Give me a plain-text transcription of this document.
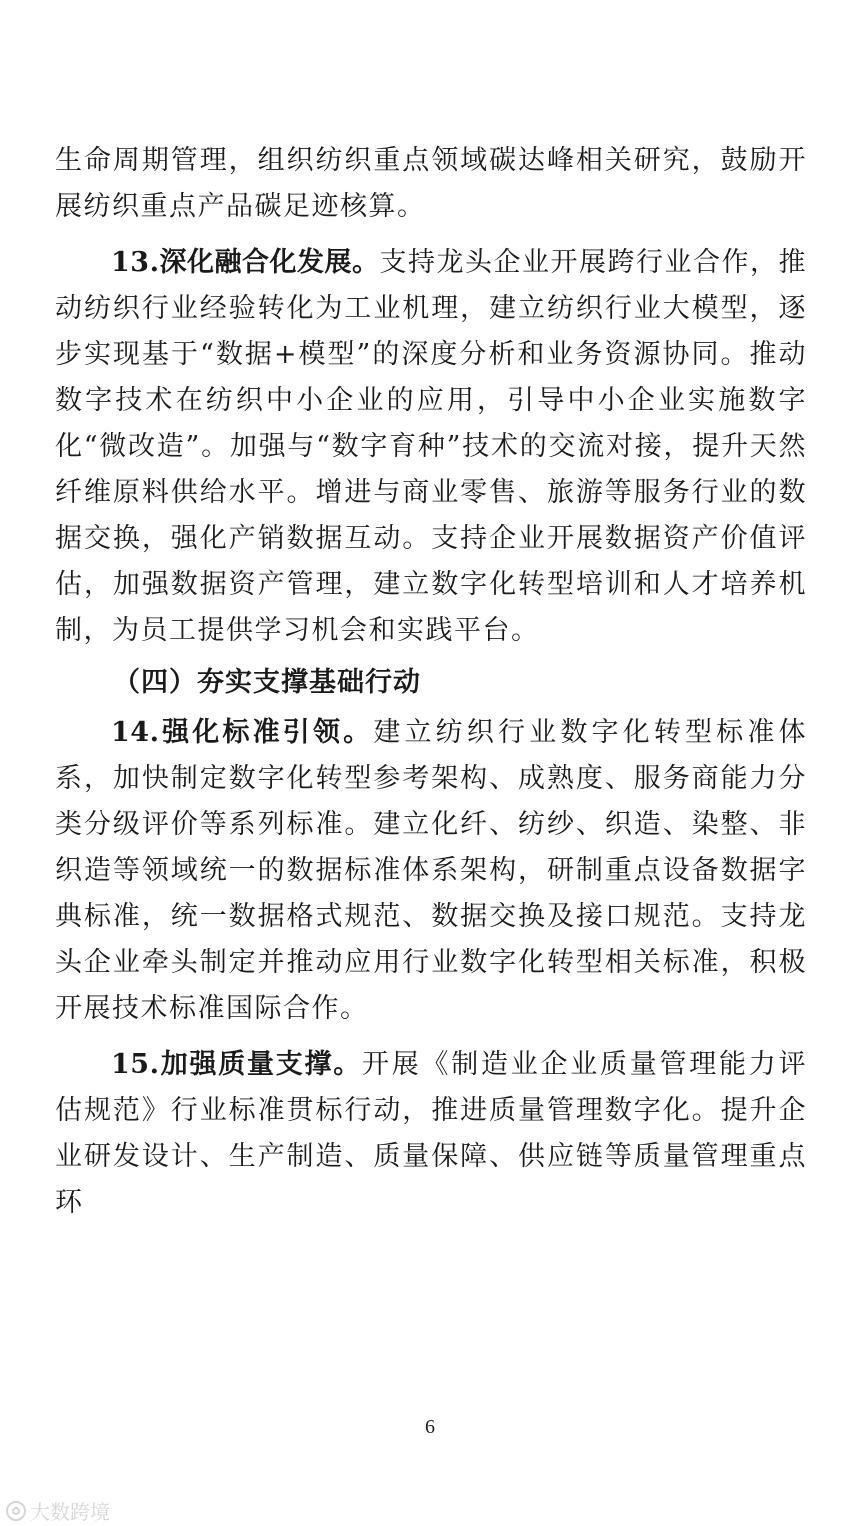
生命周期管理，组织纺织重点领域碳达峰相关研究，鼓励开展纺织重点产品碳足迹核算。

13.深化融合化发展。支持龙头企业开展跨行业合作，推动纺织行业经验转化为工业机理，建立纺织行业大模型，逐步实现基于“数据+模型”的深度分析和业务资源协同。推动数字技术在纺织中小企业的应用，引导中小企业实施数字化“微改造”。加强与“数字育种”技术的交流对接，提升天然纤维原料供给水平。增进与商业零售、旅游等服务行业的数据交换，强化产销数据互动。支持企业开展数据资产价值评估，加强数据资产管理，建立数字化转型培训和人才培养机制，为员工提供学习机会和实践平台。

（四）夯实支撑基础行动

14.强化标准引领。建立纺织行业数字化转型标准体系，加快制定数字化转型参考架构、成熟度、服务商能力分类分级评价等系列标准。建立化纤、纺纱、织造、染整、非织造等领域统一的数据标准体系架构，研制重点设备数据字典标准，统一数据格式规范、数据交换及接口规范。支持龙头企业牵头制定并推动应用行业数字化转型相关标准，积极开展技术标准国际合作。

15.加强质量支撑。开展《制造业企业质量管理能力评估规范》行业标准贯标行动，推进质量管理数字化。提升企业研发设计、生产制造、质量保障、供应链等质量管理重点环

6
大数跨境
